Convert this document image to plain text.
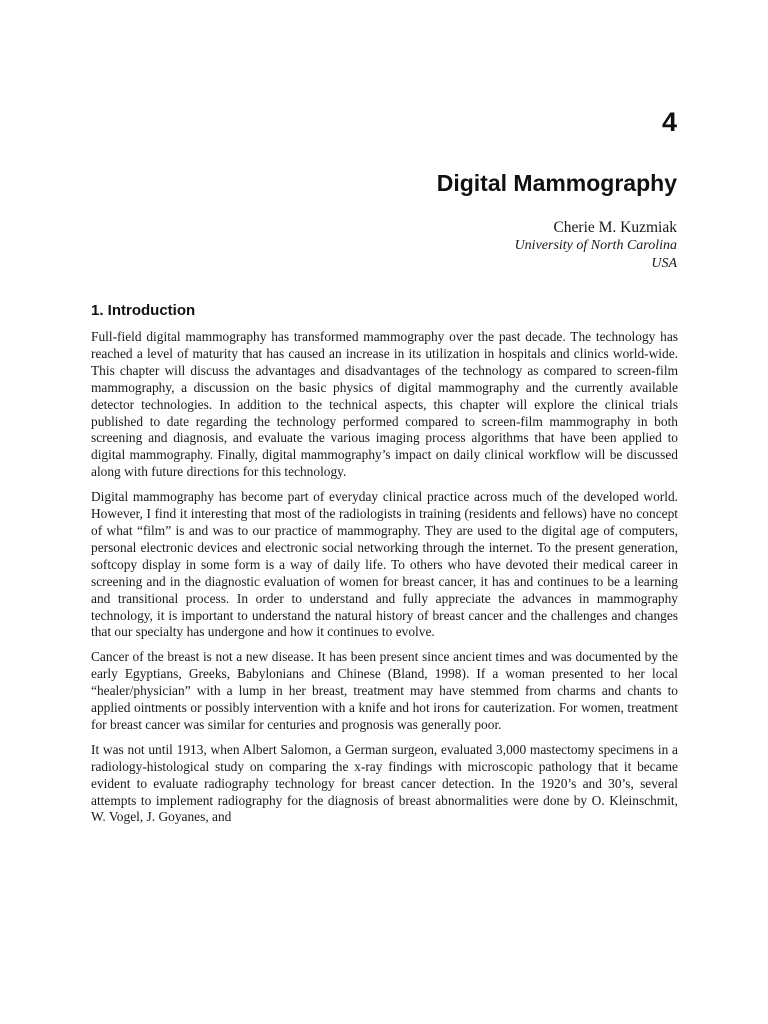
4
Digital Mammography

Cherie M. Kuzmiak

University of North Carolina

USA

1. Introduction

Full-field digital mammography has transformed mammography over the past decade. The technology has reached a level of maturity that has caused an increase in its utilization in hospitals and clinics world-wide. This chapter will discuss the advantages and disadvantages of the technology as compared to screen-film mammography, a discussion on the basic physics of digital mammography and the currently available detector technologies. In addition to the technical aspects, this chapter will explore the clinical trials published to date regarding the technology performed compared to screen-film mammography in both screening and diagnosis, and evaluate the various imaging process algorithms that have been applied to digital mammography. Finally, digital mammography’s impact on daily clinical workflow will be discussed along with future directions for this technology.

Digital mammography has become part of everyday clinical practice across much of the developed world. However, I find it interesting that most of the radiologists in training (residents and fellows) have no concept of what “film” is and was to our practice of mammography. They are used to the digital age of computers, personal electronic devices and electronic social networking through the internet. To the present generation, softcopy display in some form is a way of daily life. To others who have devoted their medical career in screening and in the diagnostic evaluation of women for breast cancer, it has and continues to be a learning and transitional process. In order to understand and fully appreciate the advances in mammography technology, it is important to understand the natural history of breast cancer and the challenges and changes that our specialty has undergone and how it continues to evolve.

Cancer of the breast is not a new disease. It has been present since ancient times and was documented by the early Egyptians, Greeks, Babylonians and Chinese (Bland, 1998). If a woman presented to her local “healer/physician” with a lump in her breast, treatment may have stemmed from charms and chants to applied ointments or possibly intervention with a knife and hot irons for cauterization. For women, treatment for breast cancer was similar for centuries and prognosis was generally poor.

It was not until 1913, when Albert Salomon, a German surgeon, evaluated 3,000 mastectomy specimens in a radiology-histological study on comparing the x-ray findings with microscopic pathology that it became evident to evaluate radiography technology for breast cancer detection. In the 1920’s and 30’s, several attempts to implement radiography for the diagnosis of breast abnormalities were done by O. Kleinschmit, W. Vogel, J. Goyanes, and
